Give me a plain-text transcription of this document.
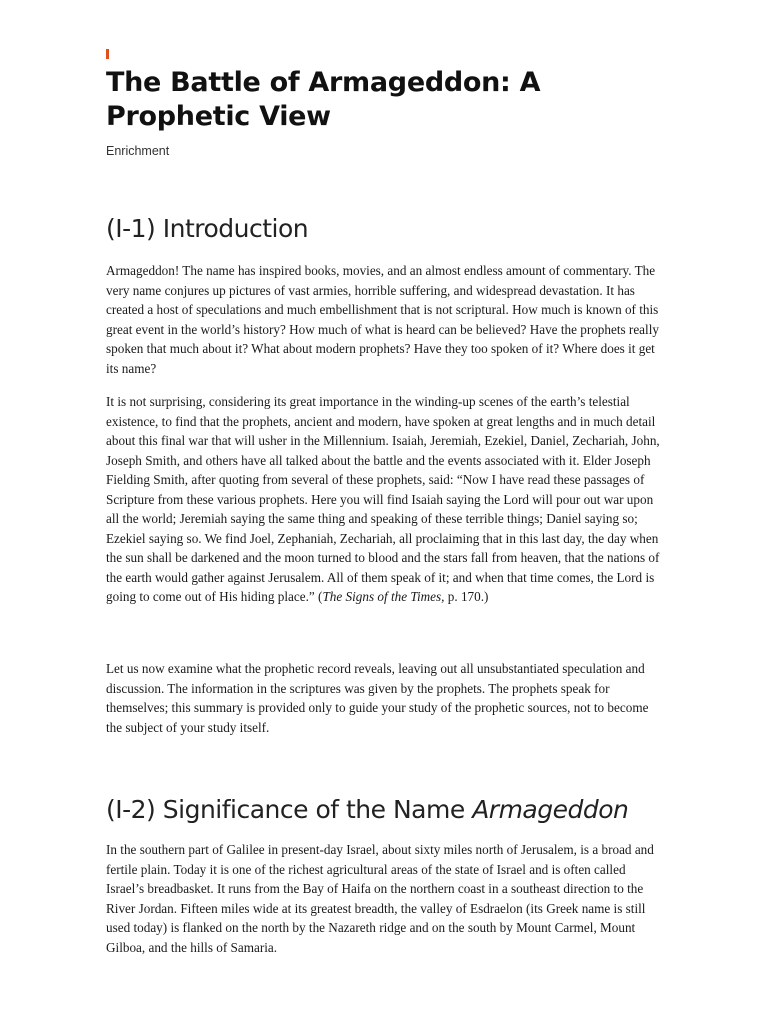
The Battle of Armageddon: A Prophetic View
Enrichment
(I-1) Introduction

Armageddon! The name has inspired books, movies, and an almost endless amount of commentary. The very name conjures up pictures of vast armies, horrible suffering, and widespread devastation. It has created a host of speculations and much embellishment that is not scriptural. How much is known of this great event in the world’s history? How much of what is heard can be believed? Have the prophets really spoken that much about it? What about modern prophets? Have they too spoken of it? Where does it get its name?

It is not surprising, considering its great importance in the winding-up scenes of the earth’s telestial existence, to find that the prophets, ancient and modern, have spoken at great lengths and in much detail about this final war that will usher in the Millennium. Isaiah, Jeremiah, Ezekiel, Daniel, Zechariah, John, Joseph Smith, and others have all talked about the battle and the events associated with it. Elder Joseph Fielding Smith, after quoting from several of these prophets, said: “Now I have read these passages of Scripture from these various prophets. Here you will find Isaiah saying the Lord will pour out war upon all the world; Jeremiah saying the same thing and speaking of these terrible things; Daniel saying so; Ezekiel saying so. We find Joel, Zephaniah, Zechariah, all proclaiming that in this last day, the day when the sun shall be darkened and the moon turned to blood and the stars fall from heaven, that the nations of the earth would gather against Jerusalem. All of them speak of it; and when that time comes, the Lord is going to come out of His hiding place.” (The Signs of the Times, p. 170.)

Let us now examine what the prophetic record reveals, leaving out all unsubstantiated speculation and discussion. The information in the scriptures was given by the prophets. The prophets speak for themselves; this summary is provided only to guide your study of the prophetic sources, not to become the subject of your study itself.

(I-2) Significance of the Name Armageddon

In the southern part of Galilee in present-day Israel, about sixty miles north of Jerusalem, is a broad and fertile plain. Today it is one of the richest agricultural areas of the state of Israel and is often called Israel’s breadbasket. It runs from the Bay of Haifa on the northern coast in a southeast direction to the River Jordan. Fifteen miles wide at its greatest breadth, the valley of Esdraelon (its Greek name is still used today) is flanked on the north by the Nazareth ridge and on the south by Mount Carmel, Mount Gilboa, and the hills of Samaria.
